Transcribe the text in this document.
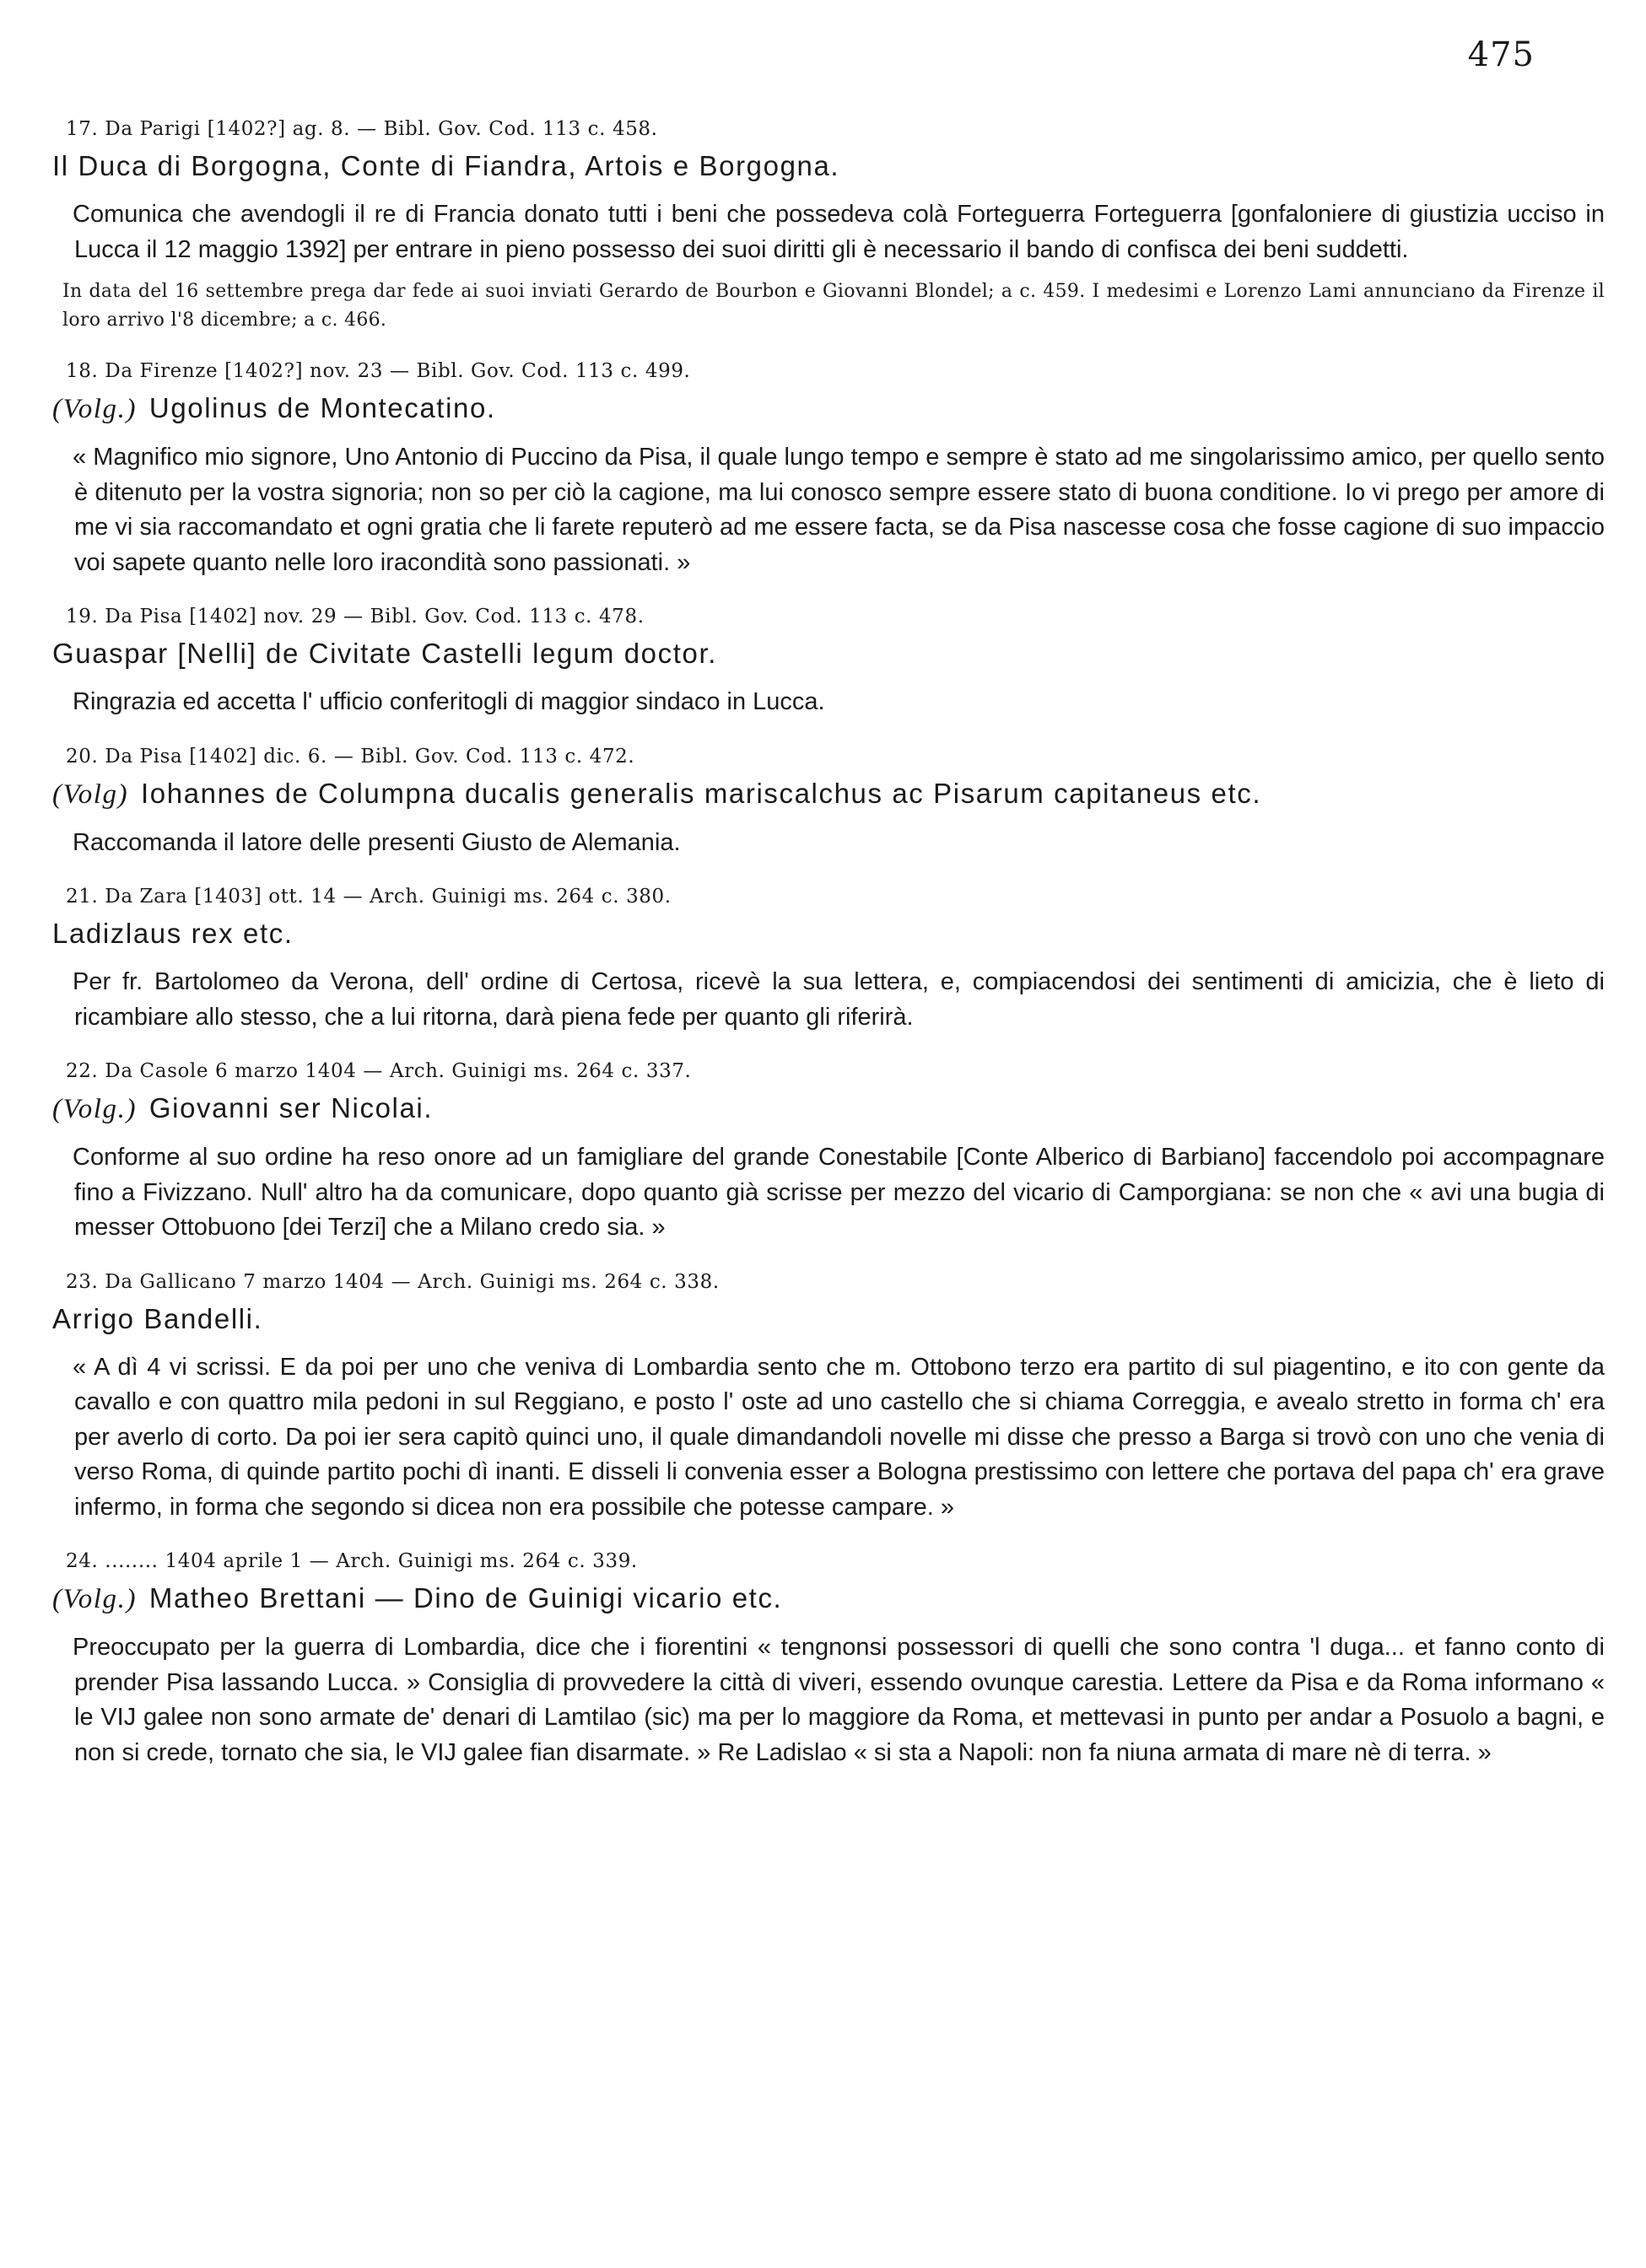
475
17. Da Parigi [1402?] ag. 8. — Bibl. Gov. Cod. 113 c. 458.
Il Duca di Borgogna, Conte di Fiandra, Artois e Borgogna.

Comunica che avendogli il re di Francia donato tutti i beni che possedeva colà Forteguerra Forteguerra [gonfaloniere di giustizia ucciso in Lucca il 12 maggio 1392] per entrare in pieno possesso dei suoi diritti gli è necessario il bando di confisca dei beni suddetti.

In data del 16 settembre prega dar fede ai suoi inviati Gerardo de Bourbon e Giovanni Blondel; a c. 459. I medesimi e Lorenzo Lami annunciano da Firenze il loro arrivo l'8 dicembre; a c. 466.
18. Da Firenze [1402?] nov. 23 — Bibl. Gov. Cod. 113 c. 499.
(Volg.) Ugolinus de Montecatino.

« Magnifico mio signore, Uno Antonio di Puccino da Pisa, il quale lungo tempo e sempre è stato ad me singolarissimo amico, per quello sento è ditenuto per la vostra signoria; non so per ciò la cagione, ma lui conosco sempre essere stato di buona conditione. Io vi prego per amore di me vi sia raccomandato et ogni gratia che li farete reputerò ad me essere facta, se da Pisa nascesse cosa che fosse cagione di suo impaccio voi sapete quanto nelle loro iracondità sono passionati. »

19. Da Pisa [1402] nov. 29 — Bibl. Gov. Cod. 113 c. 478.
Guaspar [Nelli] de Civitate Castelli legum doctor.

Ringrazia ed accetta l' ufficio conferitogli di maggior sindaco in Lucca.

20. Da Pisa [1402] dic. 6. — Bibl. Gov. Cod. 113 c. 472.
(Volg) Iohannes de Columpna ducalis generalis mariscalchus ac Pisarum capitaneus etc.

Raccomanda il latore delle presenti Giusto de Alemania.

21. Da Zara [1403] ott. 14 — Arch. Guinigi ms. 264 c. 380.
Ladizlaus rex etc.

Per fr. Bartolomeo da Verona, dell' ordine di Certosa, ricevè la sua lettera, e, compiacendosi dei sentimenti di amicizia, che è lieto di ricambiare allo stesso, che a lui ritorna, darà piena fede per quanto gli riferirà.

22. Da Casole 6 marzo 1404 — Arch. Guinigi ms. 264 c. 337.
(Volg.) Giovanni ser Nicolai.

Conforme al suo ordine ha reso onore ad un famigliare del grande Conestabile [Conte Alberico di Barbiano] faccendolo poi accompagnare fino a Fivizzano. Null' altro ha da comunicare, dopo quanto già scrisse per mezzo del vicario di Camporgiana: se non che « avi una bugia di messer Ottobuono [dei Terzi] che a Milano credo sia. »

23. Da Gallicano 7 marzo 1404 — Arch. Guinigi ms. 264 c. 338.
Arrigo Bandelli.

« A dì 4 vi scrissi. E da poi per uno che veniva di Lombardia sento che m. Ottobono terzo era partito di sul piagentino, e ito con gente da cavallo e con quattro mila pedoni in sul Reggiano, e posto l' oste ad uno castello che si chiama Correggia, e avealo stretto in forma ch' era per averlo di corto. Da poi ier sera capitò quinci uno, il quale dimandandoli novelle mi disse che presso a Barga si trovò con uno che venia di verso Roma, di quinde partito pochi dì inanti. E disseli li convenia esser a Bologna prestissimo con lettere che portava del papa ch' era grave infermo, in forma che segondo si dicea non era possibile che potesse campare. »

24. ........ 1404 aprile 1 — Arch. Guinigi ms. 264 c. 339.
(Volg.) Matheo Brettani — Dino de Guinigi vicario etc.

Preoccupato per la guerra di Lombardia, dice che i fiorentini « tengnonsi possessori di quelli che sono contra 'l duga... et fanno conto di prender Pisa lassando Lucca. » Consiglia di provvedere la città di viveri, essendo ovunque carestia. Lettere da Pisa e da Roma informano « le VIJ galee non sono armate de' denari di Lamtilao (sic) ma per lo maggiore da Roma, et mettevasi in punto per andar a Posuolo a bagni, e non si crede, tornato che sia, le VIJ galee fian disarmate. » Re Ladislao « si sta a Napoli: non fa niuna armata di mare nè di terra. »
